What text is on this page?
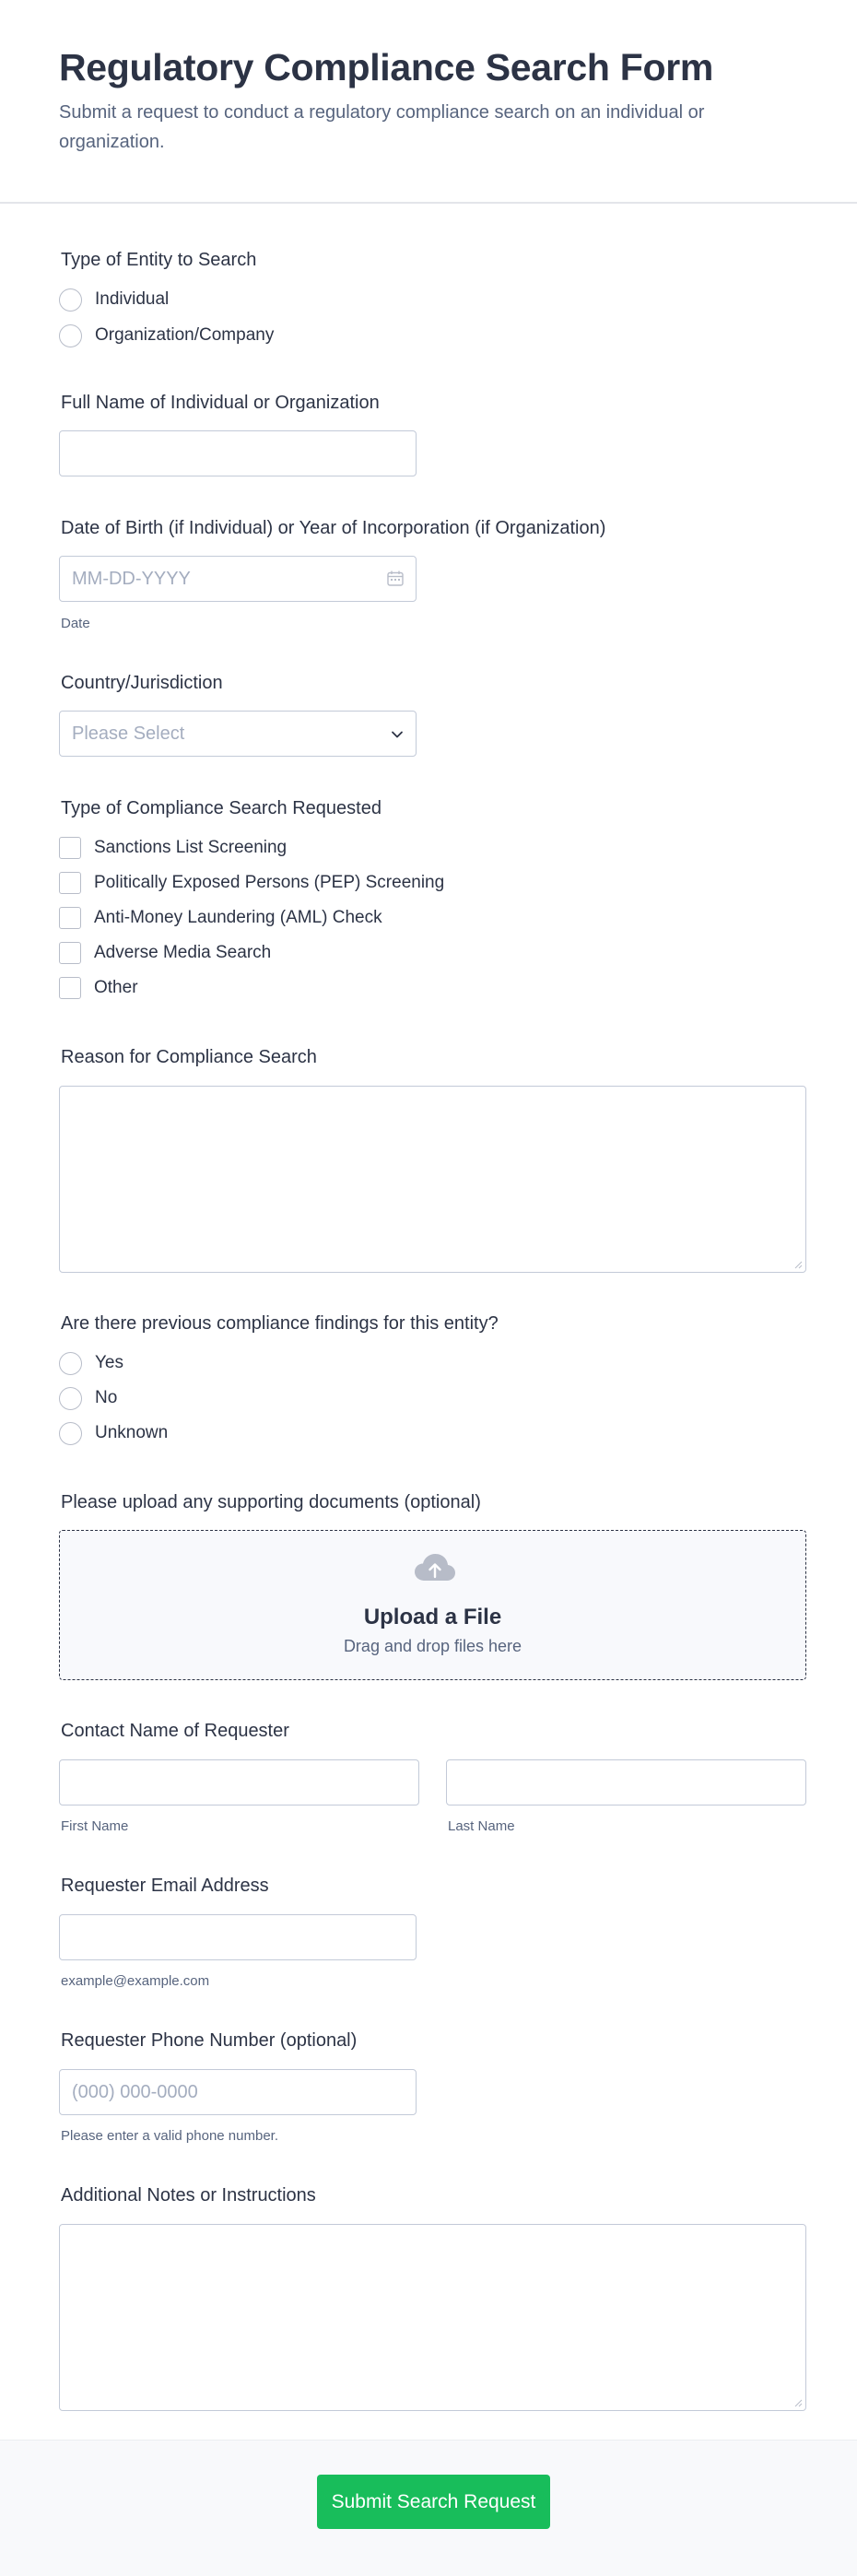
Regulatory Compliance Search Form

Submit a request to conduct a regulatory compliance search on an individual or organization.

Type of Entity to Search
Individual
Organization/Company
Full Name of Individual or Organization
Date of Birth (if Individual) or Year of Incorporation (if Organization)
MM-DD-YYYY
Date
Country/Jurisdiction
Please Select
Type of Compliance Search Requested
Sanctions List Screening
Politically Exposed Persons (PEP) Screening
Anti-Money Laundering (AML) Check
Adverse Media Search
Other
Reason for Compliance Search
Are there previous compliance findings for this entity?
Yes
No
Unknown
Please upload any supporting documents (optional)
Upload a File
Drag and drop files here
Contact Name of Requester
First Name	Last Name
Requester Email Address
example@example.com
Requester Phone Number (optional)
(000) 000-0000
Please enter a valid phone number.
Additional Notes or Instructions
Submit Search Request
